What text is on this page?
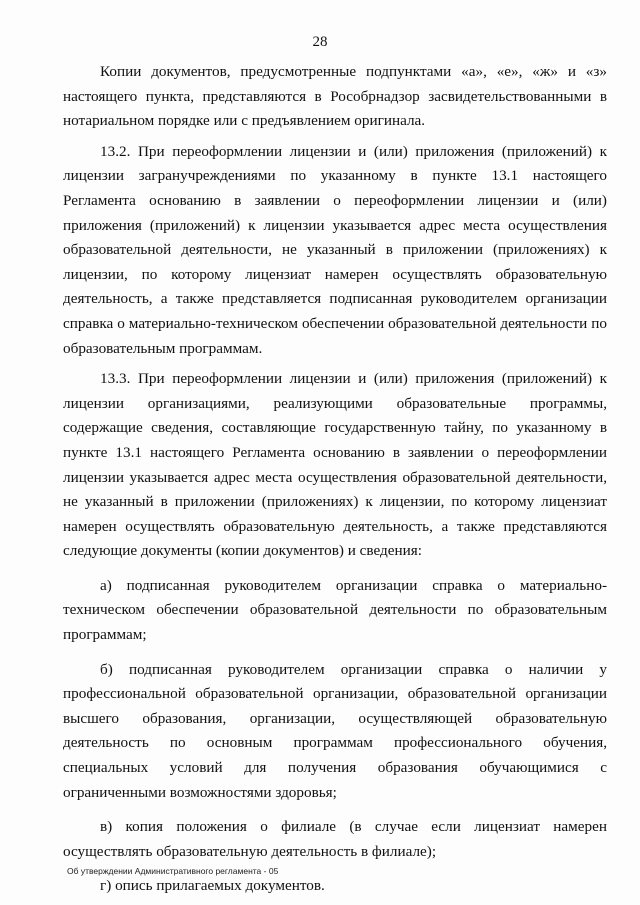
28

Копии документов, предусмотренные подпунктами «а», «е», «ж» и «з» настоящего пункта, представляются в Рособрнадзор засвидетельствованными в нотариальном порядке или с предъявлением оригинала.

13.2. При переоформлении лицензии и (или) приложения (приложений) к лицензии загранучреждениями по указанному в пункте 13.1 настоящего Регламента основанию в заявлении о переоформлении лицензии и (или) приложения (приложений) к лицензии указывается адрес места осуществления образовательной деятельности, не указанный в приложении (приложениях) к лицензии, по которому лицензиат намерен осуществлять образовательную деятельность, а также представляется подписанная руководителем организации справка о материально-техническом обеспечении образовательной деятельности по образовательным программам.

13.3. При переоформлении лицензии и (или) приложения (приложений) к лицензии организациями, реализующими образовательные программы, содержащие сведения, составляющие государственную тайну, по указанному в пункте 13.1 настоящего Регламента основанию в заявлении о переоформлении лицензии указывается адрес места осуществления образовательной деятельности, не указанный в приложении (приложениях) к лицензии, по которому лицензиат намерен осуществлять образовательную деятельность, а также представляются следующие документы (копии документов) и сведения:

а) подписанная руководителем организации справка о материально-техническом обеспечении образовательной деятельности по образовательным программам;

б) подписанная руководителем организации справка о наличии у профессиональной образовательной организации, образовательной организации высшего образования, организации, осуществляющей образовательную деятельность по основным программам профессионального обучения, специальных условий для получения образования обучающимися с ограниченными возможностями здоровья;

в) копия положения о филиале (в случае если лицензиат намерен осуществлять образовательную деятельность в филиале);

г) опись прилагаемых документов.

Об утверждении Административного регламента - 05
